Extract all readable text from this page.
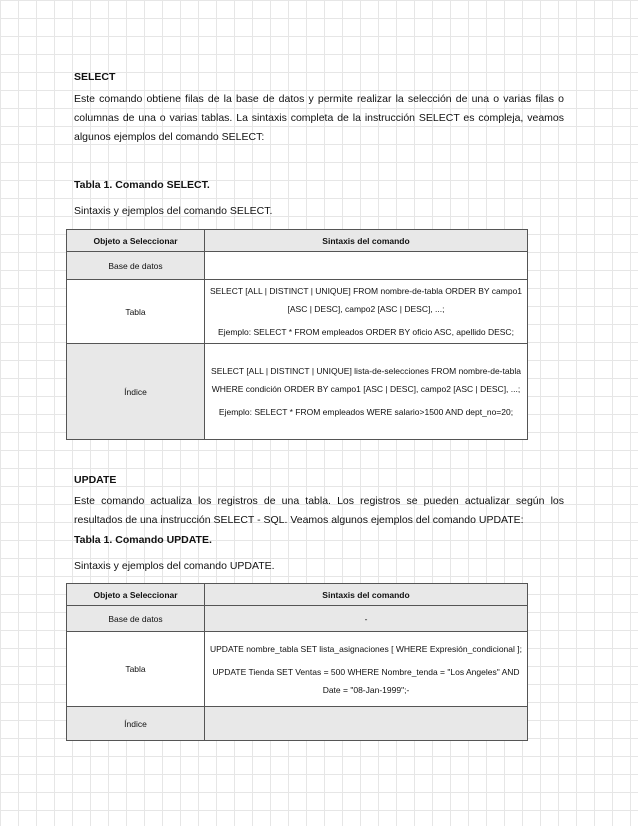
SELECT
Este comando obtiene filas de la base de datos y permite realizar la selección de una o varias filas o columnas de una o varias tablas. La sintaxis completa de la instrucción SELECT es compleja, veamos algunos ejemplos del comando SELECT:
Tabla 1. Comando SELECT.
Sintaxis y ejemplos del comando SELECT.
Objeto a Seleccionar	Sintaxis del comando
Base de datos	
Tabla	SELECT [ALL | DISTINCT | UNIQUE] FROM nombre-de-tabla ORDER BY campo1 [ASC | DESC], campo2 [ASC | DESC], ...;

Ejemplo: SELECT * FROM empleados ORDER BY oficio ASC, apellido DESC;

Índice	SELECT [ALL | DISTINCT | UNIQUE] lista-de-selecciones FROM nombre-de-tabla WHERE condición ORDER BY campo1 [ASC | DESC], campo2 [ASC | DESC], ...;

Ejemplo: SELECT * FROM empleados WERE salario>1500 AND dept_no=20;

UPDATE
Este comando actualiza los registros de una tabla. Los registros se pueden actualizar según los resultados de una instrucción SELECT - SQL. Veamos algunos ejemplos del comando UPDATE:
Tabla 1. Comando UPDATE.
Sintaxis y ejemplos del comando UPDATE.
Objeto a Seleccionar	Sintaxis del comando
Base de datos	-
Tabla	UPDATE nombre_tabla SET lista_asignaciones [ WHERE Expresión_condicional ];

UPDATE Tienda SET Ventas = 500 WHERE Nombre_tenda = "Los Angeles" AND Date = "08-Jan-1999";-

Índice	
